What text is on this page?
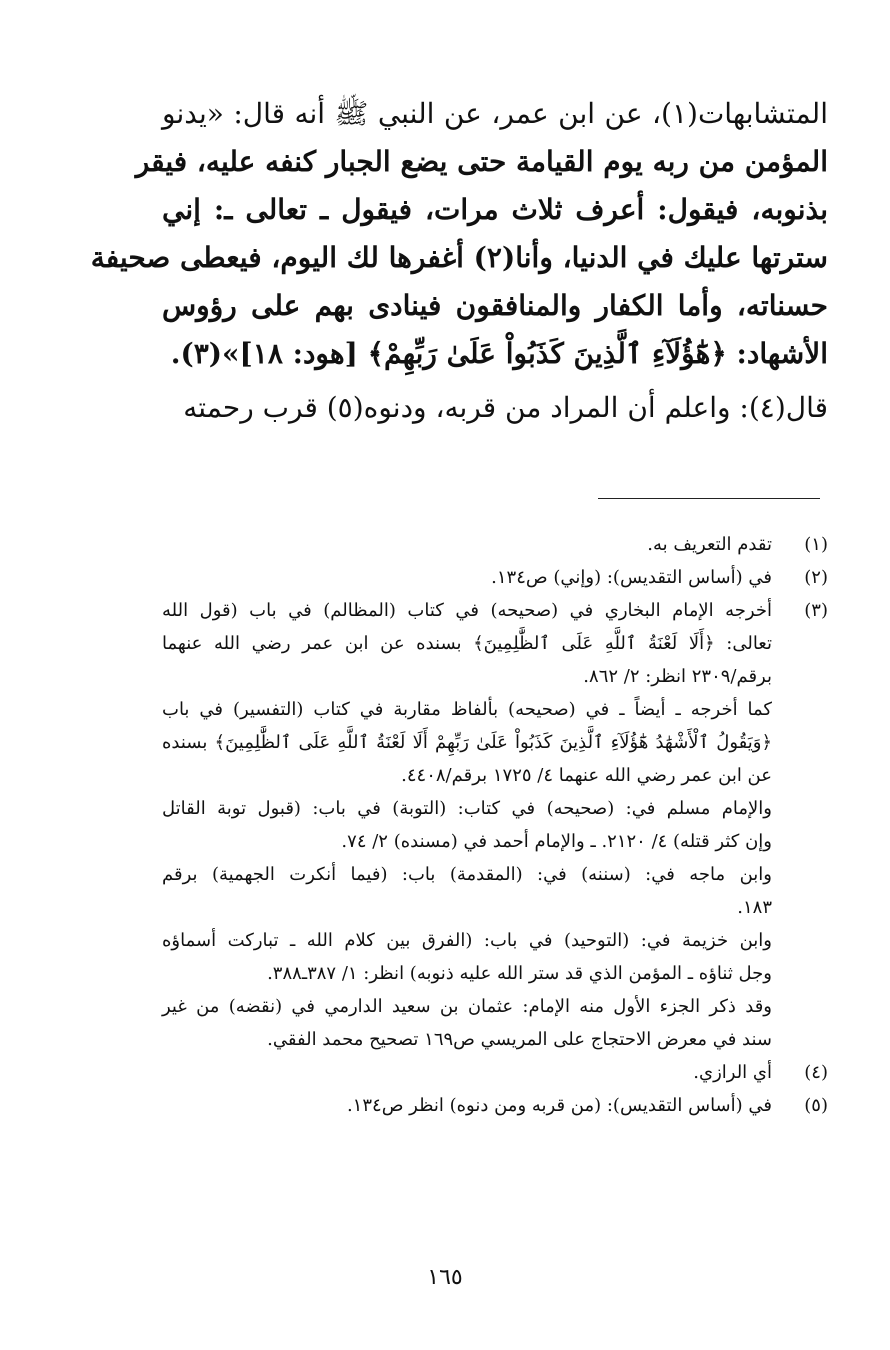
المتشابهات(١)، عن ابن عمر، عن النبي ﷺ أنه قال: «يدنو
المؤمن من ربه يوم القيامة حتى يضع الجبار كنفه عليه، فيقر
بذنوبه، فيقول: أعرف ثلاث مرات، فيقول ـ تعالى ـ: إني
سترتها عليك في الدنيا، وأنا(٢) أغفرها لك اليوم، فيعطى صحيفة
حسناته، وأما الكفار والمنافقون فينادى بهم على رؤوس
الأشهاد: ﴿هَٰٓؤُلَآءِ ٱلَّذِينَ كَذَبُواْ عَلَىٰ رَبِّهِمْ﴾ [هود: ١٨]»(٣).
قال(٤): واعلم أن المراد من قربه، ودنوه(٥) قرب رحمته
(١)
تقدم التعريف به.
(٢)
في (أساس التقديس): (وإني) ص١٣٤.
(٣)
أخرجه الإمام البخاري في (صحيحه) في كتاب (المظالم) في باب (قول الله
تعالى: ﴿أَلَا لَعْنَةُ ٱللَّهِ عَلَى ٱلظَّٰلِمِينَ﴾ بسنده عن ابن عمر رضي الله عنهما
برقم/٢٣٠٩ انظر: ٢/ ٨٦٢.
كما أخرجه ـ أيضاً ـ في (صحيحه) بألفاظ مقاربة في كتاب (التفسير) في باب
﴿وَيَقُولُ ٱلْأَشْهَٰدُ هَٰٓؤُلَآءِ ٱلَّذِينَ كَذَبُواْ عَلَىٰ رَبِّهِمْ أَلَا لَعْنَةُ ٱللَّهِ عَلَى ٱلظَّٰلِمِينَ﴾ بسنده
عن ابن عمر رضي الله عنهما ٤/ ١٧٢٥ برقم/٤٤٠٨.
والإمام مسلم في: (صحيحه) في كتاب: (التوبة) في باب: (قبول توبة القاتل
وإن كثر قتله) ٤/ ٢١٢٠. ـ والإمام أحمد في (مسنده) ٢/ ٧٤.
وابن ماجه في: (سننه) في: (المقدمة) باب: (فيما أنكرت الجهمية) برقم
١٨٣.
وابن خزيمة في: (التوحيد) في باب: (الفرق بين كلام الله ـ تباركت أسماؤه
وجل ثناؤه ـ المؤمن الذي قد ستر الله عليه ذنوبه) انظر: ١/ ٣٨٧ـ٣٨٨.
وقد ذكر الجزء الأول منه الإمام: عثمان بن سعيد الدارمي في (نقضه) من غير
سند في معرض الاحتجاج على المريسي ص١٦٩ تصحيح محمد الفقي.
(٤)
أي الرازي.
(٥)
في (أساس التقديس): (من قربه ومن دنوه) انظر ص١٣٤.
١٦٥
